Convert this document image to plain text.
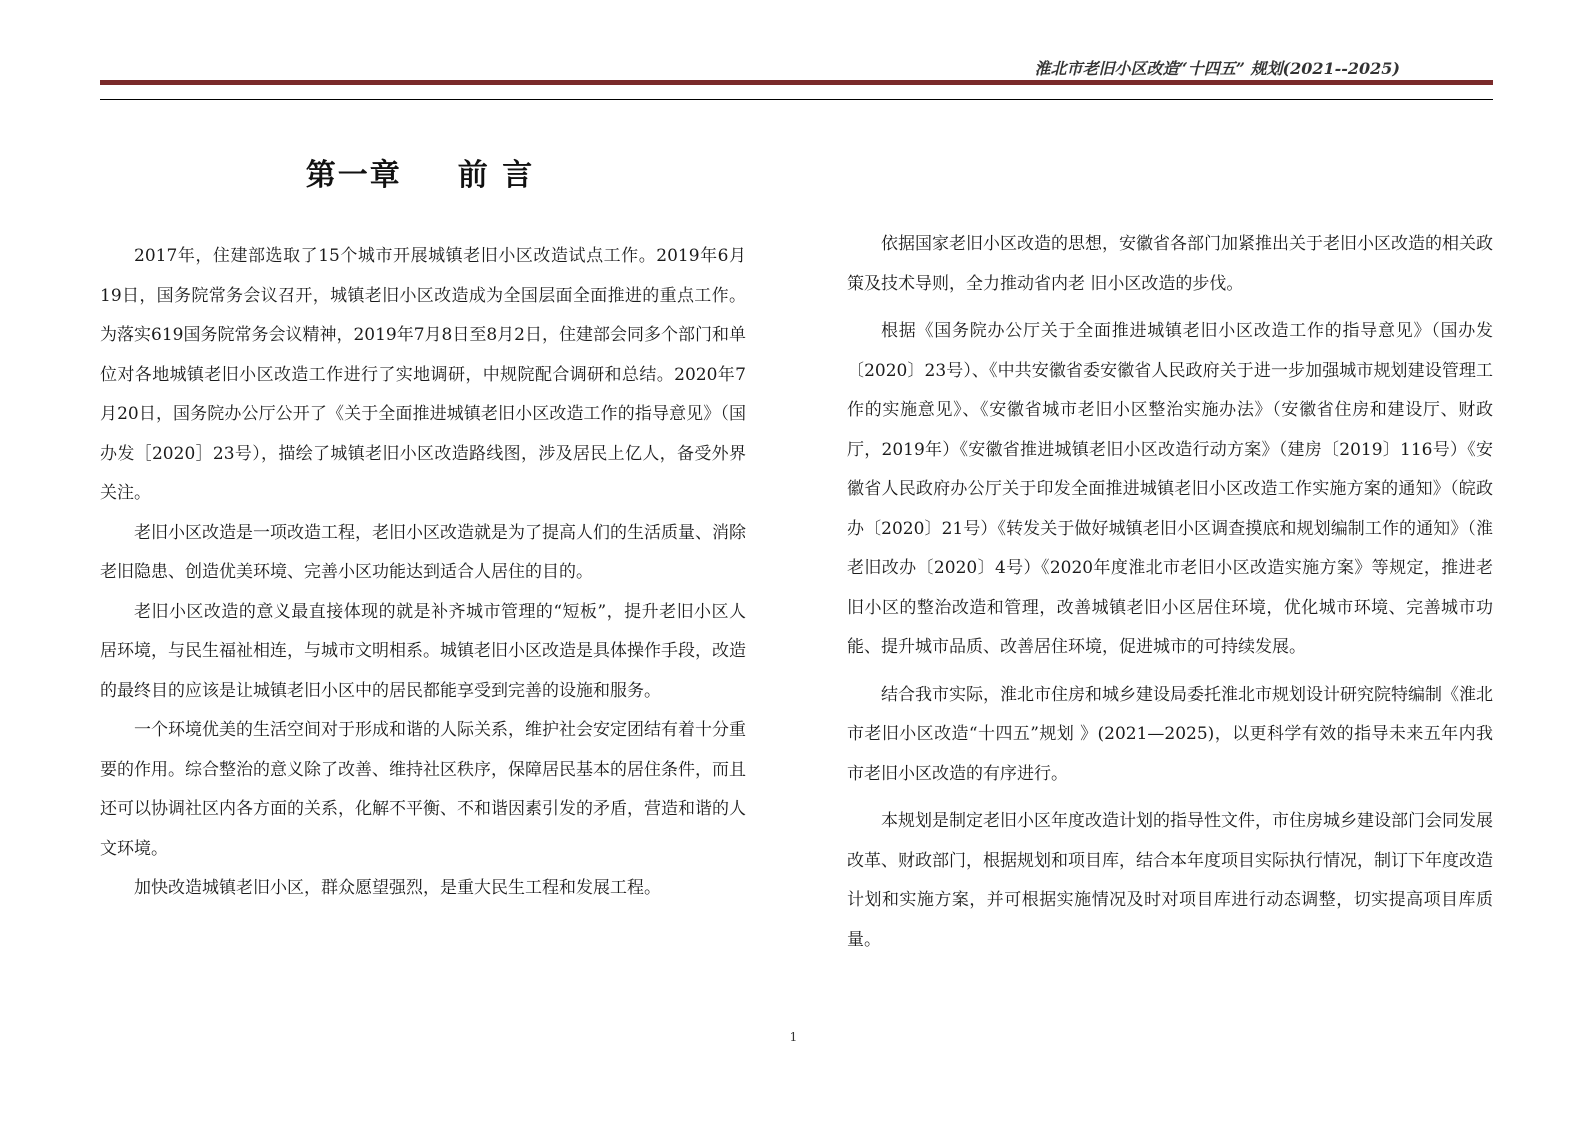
淮北市老旧小区改造“十四五” 规划(2021--2025)
第一章 前 言

2017年，住建部选取了15个城市开展城镇老旧小区改造试点工作。2019年6月19日，国务院常务会议召开，城镇老旧小区改造成为全国层面全面推进的重点工作。为落实619国务院常务会议精神，2019年7月8日至8月2日，住建部会同多个部门和单位对各地城镇老旧小区改造工作进行了实地调研，中规院配合调研和总结。2020年7月20日，国务院办公厅公开了《关于全面推进城镇老旧小区改造工作的指导意见》（国办发［2020］23号），描绘了城镇老旧小区改造路线图，涉及居民上亿人，备受外界关注。

老旧小区改造是一项改造工程，老旧小区改造就是为了提高人们的生活质量、消除老旧隐患、创造优美环境、完善小区功能达到适合人居住的目的。

老旧小区改造的意义最直接体现的就是补齐城市管理的“短板”，提升老旧小区人居环境，与民生福祉相连，与城市文明相系。城镇老旧小区改造是具体操作手段，改造的最终目的应该是让城镇老旧小区中的居民都能享受到完善的设施和服务。

一个环境优美的生活空间对于形成和谐的人际关系，维护社会安定团结有着十分重要的作用。综合整治的意义除了改善、维持社区秩序，保障居民基本的居住条件，而且还可以协调社区内各方面的关系，化解不平衡、不和谐因素引发的矛盾，营造和谐的人文环境。

加快改造城镇老旧小区，群众愿望强烈，是重大民生工程和发展工程。

依据国家老旧小区改造的思想，安徽省各部门加紧推出关于老旧小区改造的相关政策及技术导则，全力推动省内老 旧小区改造的步伐。

根据《国务院办公厅关于全面推进城镇老旧小区改造工作的指导意见》（国办发〔2020〕23号）、《中共安徽省委安徽省人民政府关于进一步加强城市规划建设管理工作的实施意见》、《安徽省城市老旧小区整治实施办法》（安徽省住房和建设厅、财政厅，2019年）《安徽省推进城镇老旧小区改造行动方案》（建房〔2019〕116号）《安徽省人民政府办公厅关于印发全面推进城镇老旧小区改造工作实施方案的通知》（皖政办〔2020〕21号）《转发关于做好城镇老旧小区调查摸底和规划编制工作的通知》（淮老旧改办〔2020〕4号）《2020年度淮北市老旧小区改造实施方案》等规定，推进老旧小区的整治改造和管理，改善城镇老旧小区居住环境，优化城市环境、完善城市功能、提升城市品质、改善居住环境，促进城市的可持续发展。

结合我市实际，淮北市住房和城乡建设局委托淮北市规划设计研究院特编制《淮北市老旧小区改造“十四五”规划 》(2021—2025)，以更科学有效的指导未来五年内我市老旧小区改造的有序进行。

本规划是制定老旧小区年度改造计划的指导性文件，市住房城乡建设部门会同发展改革、财政部门，根据规划和项目库，结合本年度项目实际执行情况，制订下年度改造计划和实施方案，并可根据实施情况及时对项目库进行动态调整，切实提高项目库质量。

1
